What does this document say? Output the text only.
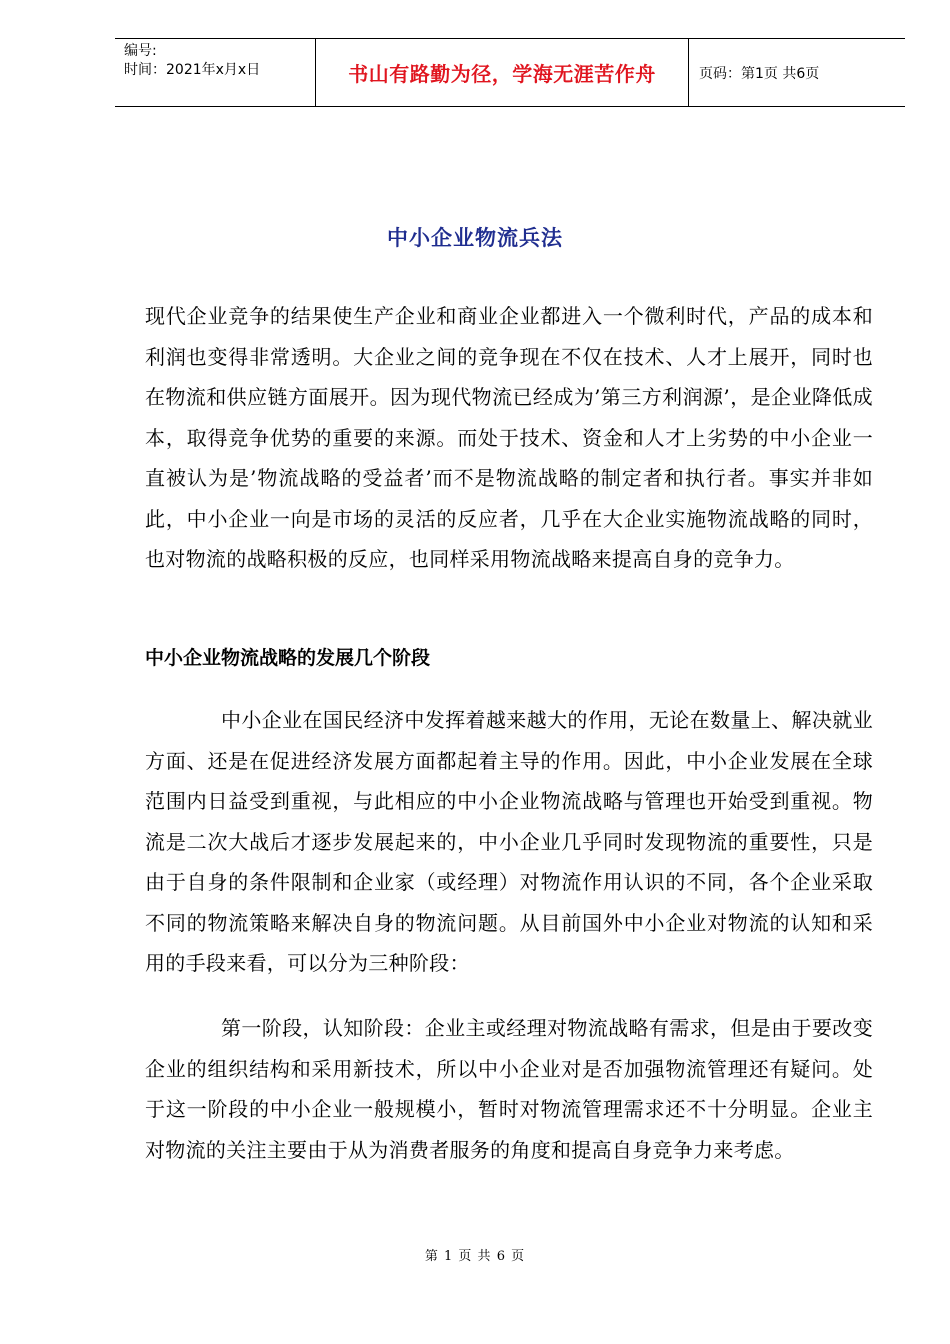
编号:
时间：2021年x月x日	书山有路勤为径，学海无涯苦作舟	页码：第1页 共6页
中小企业物流兵法

现代企业竞争的结果使生产企业和商业企业都进入一个微利时代，产品的成本和利润也变得非常透明。大企业之间的竞争现在不仅在技术、人才上展开，同时也在物流和供应链方面展开。因为现代物流已经成为’第三方利润源’，是企业降低成本，取得竞争优势的重要的来源。而处于技术、资金和人才上劣势的中小企业一直被认为是’物流战略的受益者’而不是物流战略的制定者和执行者。事实并非如此，中小企业一向是市场的灵活的反应者，几乎在大企业实施物流战略的同时，也对物流的战略积极的反应，也同样采用物流战略来提高自身的竞争力。

中小企业物流战略的发展几个阶段

中小企业在国民经济中发挥着越来越大的作用，无论在数量上、解决就业方面、还是在促进经济发展方面都起着主导的作用。因此，中小企业发展在全球范围内日益受到重视，与此相应的中小企业物流战略与管理也开始受到重视。物流是二次大战后才逐步发展起来的，中小企业几乎同时发现物流的重要性，只是由于自身的条件限制和企业家（或经理）对物流作用认识的不同，各个企业采取不同的物流策略来解决自身的物流问题。从目前国外中小企业对物流的认知和采用的手段来看，可以分为三种阶段：

第一阶段，认知阶段：企业主或经理对物流战略有需求，但是由于要改变企业的组织结构和采用新技术，所以中小企业对是否加强物流管理还有疑问。处于这一阶段的中小企业一般规模小，暂时对物流管理需求还不十分明显。企业主对物流的关注主要由于从为消费者服务的角度和提高自身竞争力来考虑。

第 1 页 共 6 页
